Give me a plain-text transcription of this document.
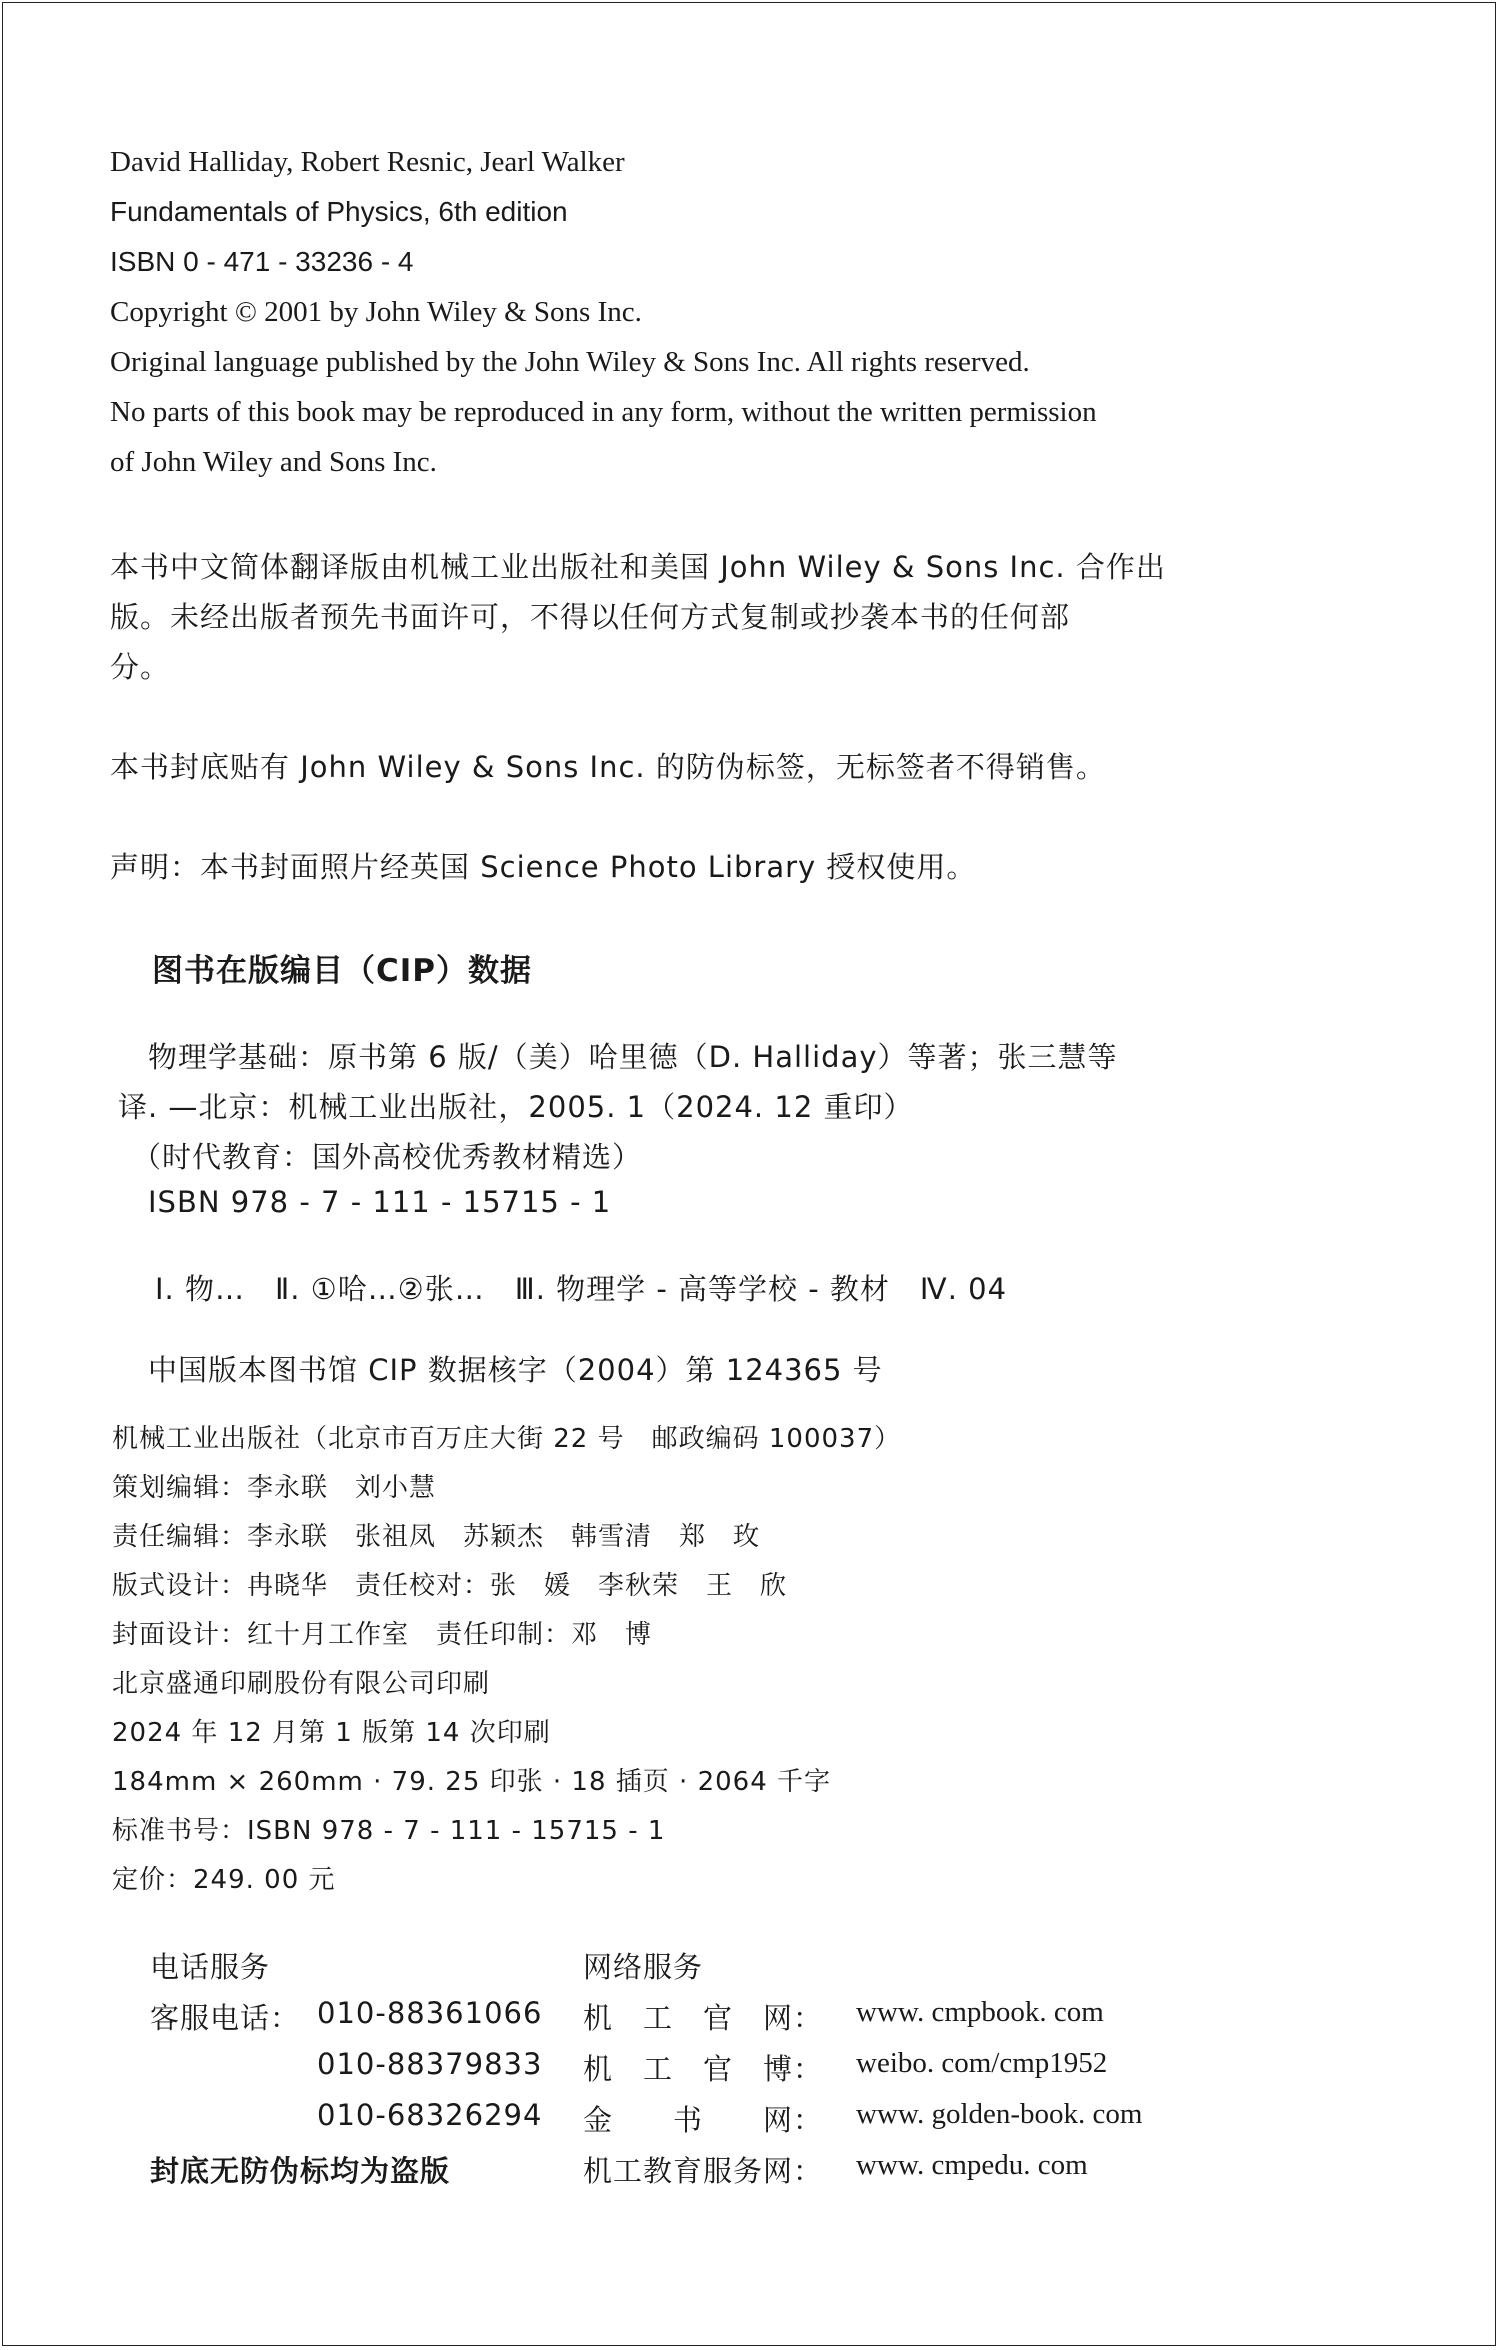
David Halliday, Robert Resnic, Jearl Walker
Fundamentals of Physics, 6th edition
ISBN 0 - 471 - 33236 - 4
Copyright © 2001 by John Wiley & Sons Inc.
Original language published by the John Wiley & Sons Inc. All rights reserved.
No parts of this book may be reproduced in any form, without the written permission
of John Wiley and Sons Inc.
本书中文简体翻译版由机械工业出版社和美国 John Wiley & Sons Inc. 合作出
版。未经出版者预先书面许可，不得以任何方式复制或抄袭本书的任何部
分。
本书封底贴有 John Wiley & Sons Inc. 的防伪标签，无标签者不得销售。
声明：本书封面照片经英国 Science Photo Library 授权使用。
图书在版编目（CIP）数据
物理学基础：原书第 6 版/（美）哈里德（D. Halliday）等著；张三慧等
译. —北京：机械工业出版社，2005. 1（2024. 12 重印）
（时代教育：国外高校优秀教材精选）
ISBN 978 - 7 - 111 - 15715 - 1
Ⅰ. 物…　Ⅱ. ①哈…②张…　Ⅲ. 物理学 - 高等学校 - 教材　Ⅳ. 04
中国版本图书馆 CIP 数据核字（2004）第 124365 号
机械工业出版社（北京市百万庄大街 22 号　邮政编码 100037）
策划编辑：李永联　刘小慧
责任编辑：李永联　张祖凤　苏颖杰　韩雪清　郑　玫
版式设计：冉晓华　责任校对：张　媛　李秋荣　王　欣
封面设计：红十月工作室　责任印制：邓　博
北京盛通印刷股份有限公司印刷
2024 年 12 月第 1 版第 14 次印刷
184mm × 260mm · 79. 25 印张 · 18 插页 · 2064 千字
标准书号：ISBN 978 - 7 - 111 - 15715 - 1
定价：249. 00 元
电话服务	网络服务
客服电话： 010-88361066
010-88379833
010-68326294
封底无防伪标均为盗版
机　工　官　网： www. cmpbook. com
机　工　官　博： weibo. com/cmp1952
金　　书　　网： www. golden-book. com
机工教育服务网： www. cmpedu. com
